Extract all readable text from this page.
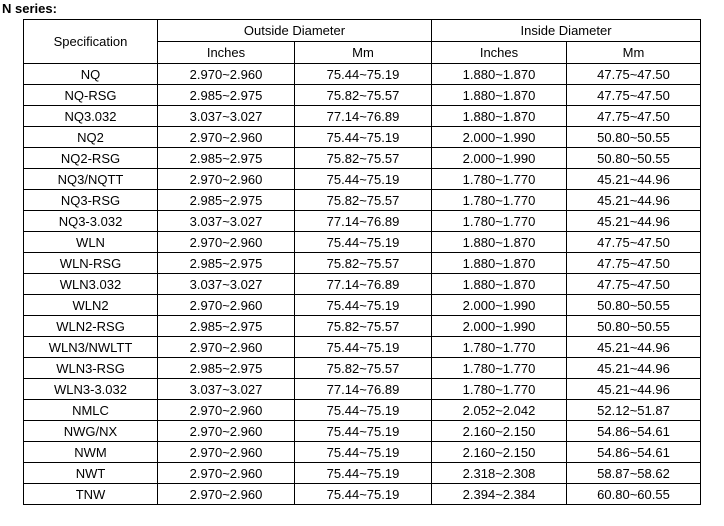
N series:
Specification	Outside Diameter		Inside Diameter	
	Inches	Mm	Inches	Mm
NQ	2.970~2.960	75.44~75.19	1.880~1.870	47.75~47.50
NQ-RSG	2.985~2.975	75.82~75.57	1.880~1.870	47.75~47.50
NQ3.032	3.037~3.027	77.14~76.89	1.880~1.870	47.75~47.50
NQ2	2.970~2.960	75.44~75.19	2.000~1.990	50.80~50.55
NQ2-RSG	2.985~2.975	75.82~75.57	2.000~1.990	50.80~50.55
NQ3/NQTT	2.970~2.960	75.44~75.19	1.780~1.770	45.21~44.96
NQ3-RSG	2.985~2.975	75.82~75.57	1.780~1.770	45.21~44.96
NQ3-3.032	3.037~3.027	77.14~76.89	1.780~1.770	45.21~44.96
WLN	2.970~2.960	75.44~75.19	1.880~1.870	47.75~47.50
WLN-RSG	2.985~2.975	75.82~75.57	1.880~1.870	47.75~47.50
WLN3.032	3.037~3.027	77.14~76.89	1.880~1.870	47.75~47.50
WLN2	2.970~2.960	75.44~75.19	2.000~1.990	50.80~50.55
WLN2-RSG	2.985~2.975	75.82~75.57	2.000~1.990	50.80~50.55
WLN3/NWLTT	2.970~2.960	75.44~75.19	1.780~1.770	45.21~44.96
WLN3-RSG	2.985~2.975	75.82~75.57	1.780~1.770	45.21~44.96
WLN3-3.032	3.037~3.027	77.14~76.89	1.780~1.770	45.21~44.96
NMLC	2.970~2.960	75.44~75.19	2.052~2.042	52.12~51.87
NWG/NX	2.970~2.960	75.44~75.19	2.160~2.150	54.86~54.61
NWM	2.970~2.960	75.44~75.19	2.160~2.150	54.86~54.61
NWT	2.970~2.960	75.44~75.19	2.318~2.308	58.87~58.62
TNW	2.970~2.960	75.44~75.19	2.394~2.384	60.80~60.55
